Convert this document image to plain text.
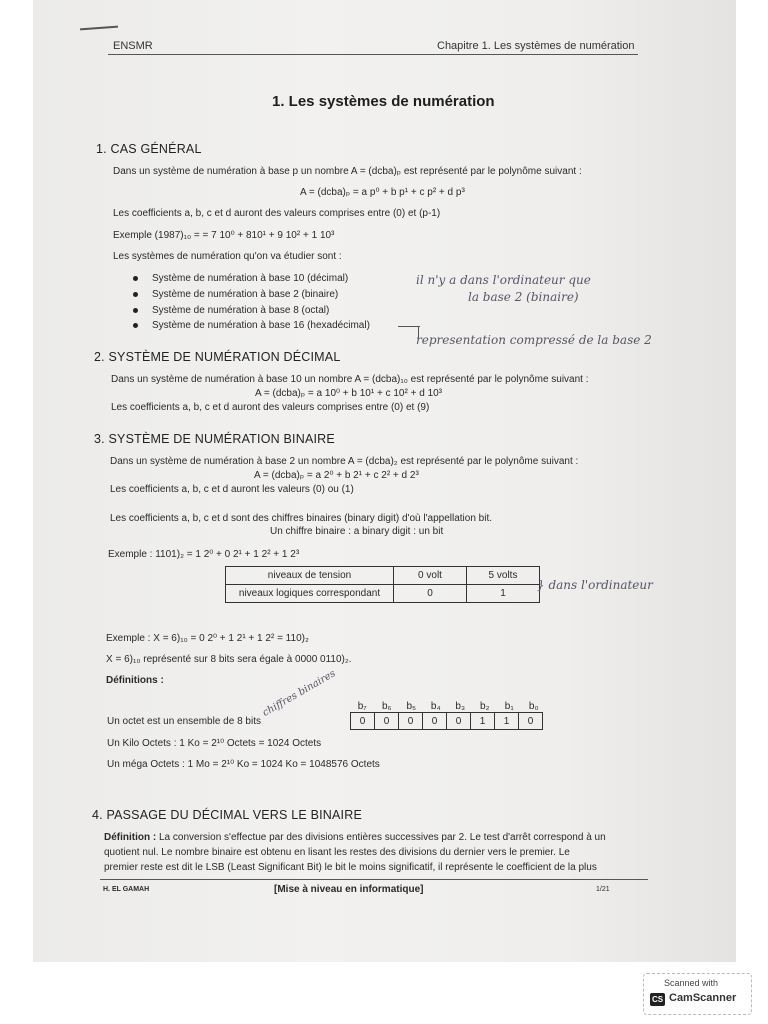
ENSMR	Chapitre 1. Les systèmes de numération
1. Les systèmes de numération
1. CAS GÉNÉRAL
Dans un système de numération à base p un nombre A = (dcba)ₚ est représenté par le polynôme suivant :
A = (dcba)ₚ = a p⁰ + b p¹ + c p² + d p³
Les coefficients a, b, c et d auront des valeurs comprises entre (0) et (p-1)
Exemple (1987)₁₀ = = 7 10⁰ + 810¹ + 9 10² + 1 10³
Les systèmes de numération qu'on va étudier sont :
Système de numération à base 10 (décimal)
Système de numération à base 2 (binaire)
Système de numération à base 8 (octal)
Système de numération à base 16 (hexadécimal)
il n'y a dans l'ordinateur que
la base 2 (binaire)
representation compressé de la base 2
2. SYSTÈME DE NUMÉRATION DÉCIMAL
Dans un système de numération à base 10 un nombre A = (dcba)₁₀ est représenté par le polynôme suivant :
A = (dcba)ₚ = a 10⁰ + b 10¹ + c 10² + d 10³
Les coefficients a, b, c et d auront des valeurs comprises entre (0) et (9)
3. SYSTÈME DE NUMÉRATION BINAIRE
Dans un système de numération à base 2 un nombre A = (dcba)₂ est représenté par le polynôme suivant :
A = (dcba)ₚ = a 2⁰ + b 2¹ + c 2² + d 2³
Les coefficients a, b, c et d auront les valeurs (0) ou (1)
Les coefficients a, b, c et d sont des chiffres binaires (binary digit) d'où l'appellation bit.
Un chiffre binaire : a binary digit : un bit
Exemple : 1101)₂ = 1 2⁰ + 0 2¹ + 1 2² + 1 2³
niveaux de tension	0 volt	5 volts
niveaux logiques correspondant	0	1
} dans l'ordinateur
Exemple : X = 6)₁₀ = 0 2⁰ + 1 2¹ + 1 2² = 110)₂
X = 6)₁₀ représenté sur 8 bits sera égale à 0000 0110)₂.
Définitions :	chiffres binaires	b₇ b₆ b₅ b₄ b₃ b₂ b₁ b₀
0	0	0	0	0	1	1	0
Un octet est un ensemble de 8 bits
Un Kilo Octets : 1 Ko = 2¹⁰ Octets = 1024 Octets
Un méga Octets : 1 Mo = 2¹⁰ Ko = 1024 Ko = 1048576 Octets
4. PASSAGE DU DÉCIMAL VERS LE BINAIRE
Définition : La conversion s'effectue par des divisions entières successives par 2. Le test d'arrêt correspond à un
quotient nul. Le nombre binaire est obtenu en lisant les restes des divisions du dernier vers le premier. Le
premier reste est dit le LSB (Least Significant Bit) le bit le moins significatif, il représente le coefficient de la plus
H. EL GAMAH	[Mise à niveau en informatique]	1/21
Scanned with
CS CamScanner
